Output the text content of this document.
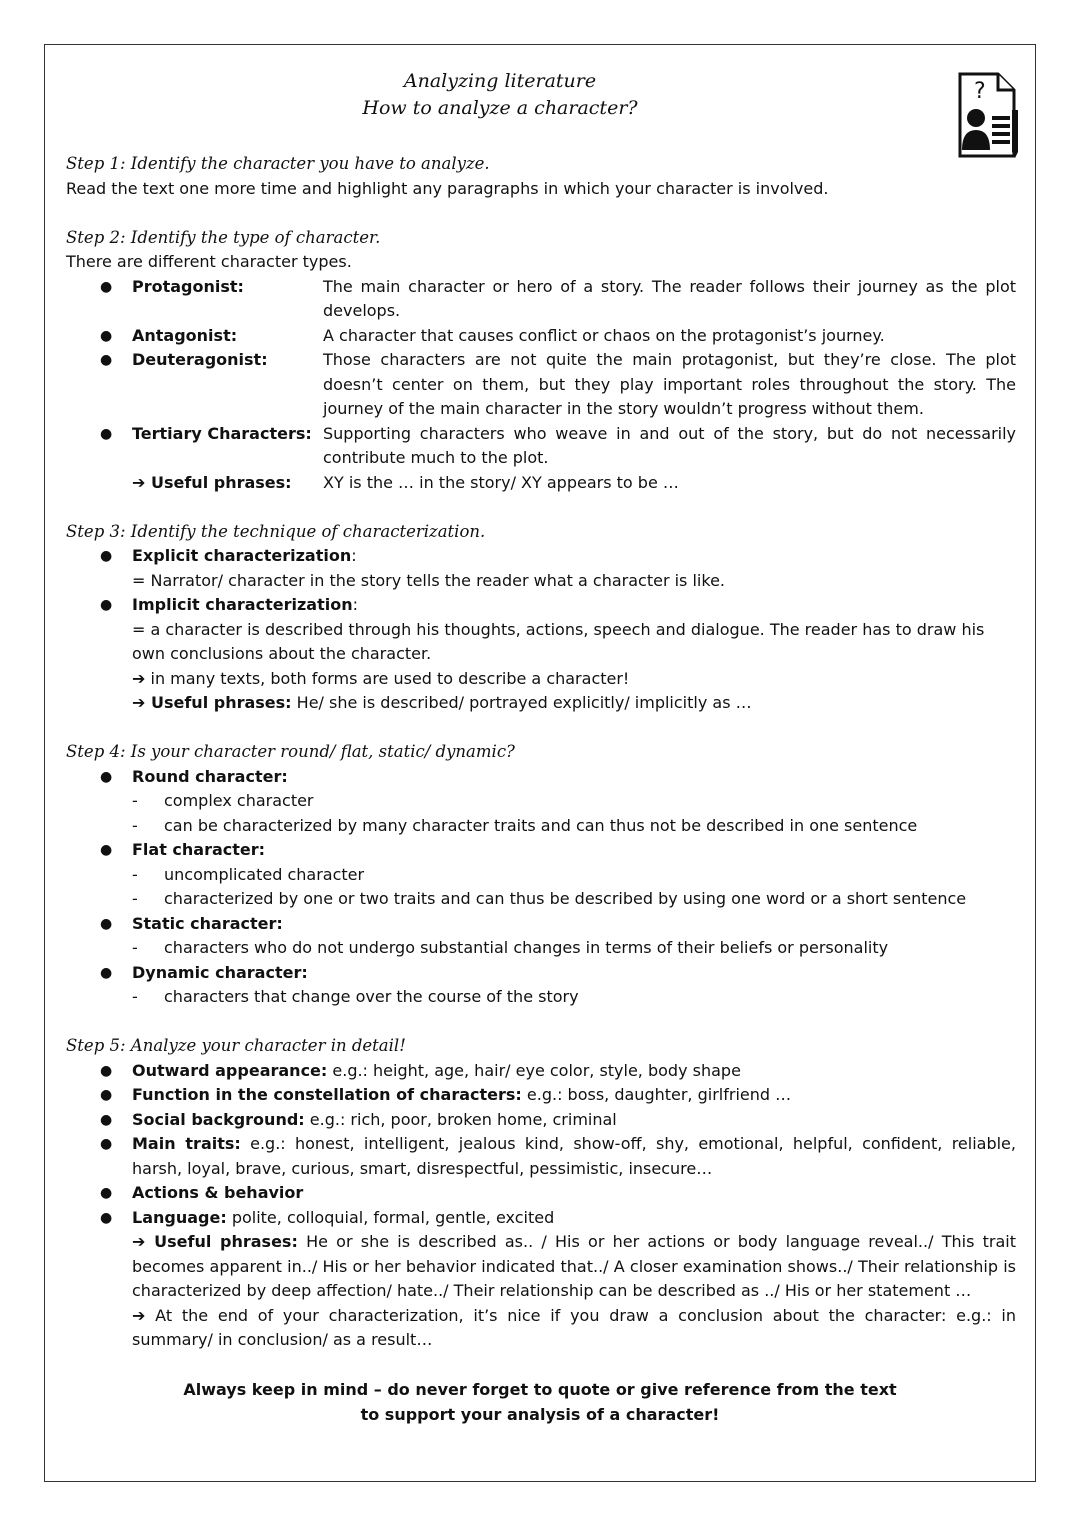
Analyzing literature
How to analyze a character?
?
Step 1: Identify the character you have to analyze.
Read the text one more time and highlight any paragraphs in which your character is involved.
Step 2: Identify the type of character.
There are different character types.
● Protagonist:	The main character or hero of a story. The reader follows their journey as the plot develops.
● Antagonist:	A character that causes conflict or chaos on the protagonist’s journey.
● Deuteragonist:	Those characters are not quite the main protagonist, but they’re close. The plot doesn’t center on them, but they play important roles throughout the story. The journey of the main character in the story wouldn’t progress without them.
● Tertiary Characters: Supporting characters who weave in and out of the story, but do not necessarily contribute much to the plot.
➔ Useful phrases: XY is the … in the story/ XY appears to be …
Step 3: Identify the technique of characterization.
● Explicit characterization:
= Narrator/ character in the story tells the reader what a character is like.
● Implicit characterization:
= a character is described through his thoughts, actions, speech and dialogue. The reader has to draw his own conclusions about the character.
➔ in many texts, both forms are used to describe a character!
➔ Useful phrases: He/ she is described/ portrayed explicitly/ implicitly as …
Step 4: Is your character round/ flat, static/ dynamic?
● Round character:
- complex character
- can be characterized by many character traits and can thus not be described in one sentence
● Flat character:
- uncomplicated character
- characterized by one or two traits and can thus be described by using one word or a short sentence
● Static character:
- characters who do not undergo substantial changes in terms of their beliefs or personality
● Dynamic character:
- characters that change over the course of the story
Step 5: Analyze your character in detail!
● Outward appearance: e.g.: height, age, hair/ eye color, style, body shape
● Function in the constellation of characters: e.g.: boss, daughter, girlfriend …
● Social background: e.g.: rich, poor, broken home, criminal
● Main traits: e.g.: honest, intelligent, jealous kind, show-off, shy, emotional, helpful, confident, reliable, harsh, loyal, brave, curious, smart, disrespectful, pessimistic, insecure…
● Actions & behavior
● Language: polite, colloquial, formal, gentle, excited
➔ Useful phrases: He or she is described as.. / His or her actions or body language reveal../ This trait becomes apparent in../ His or her behavior indicated that../ A closer examination shows../ Their relationship is characterized by deep affection/ hate../ Their relationship can be described as ../ His or her statement …
➔ At the end of your characterization, it’s nice if you draw a conclusion about the character: e.g.: in summary/ in conclusion/ as a result…
Always keep in mind – do never forget to quote or give reference from the text
to support your analysis of a character!
